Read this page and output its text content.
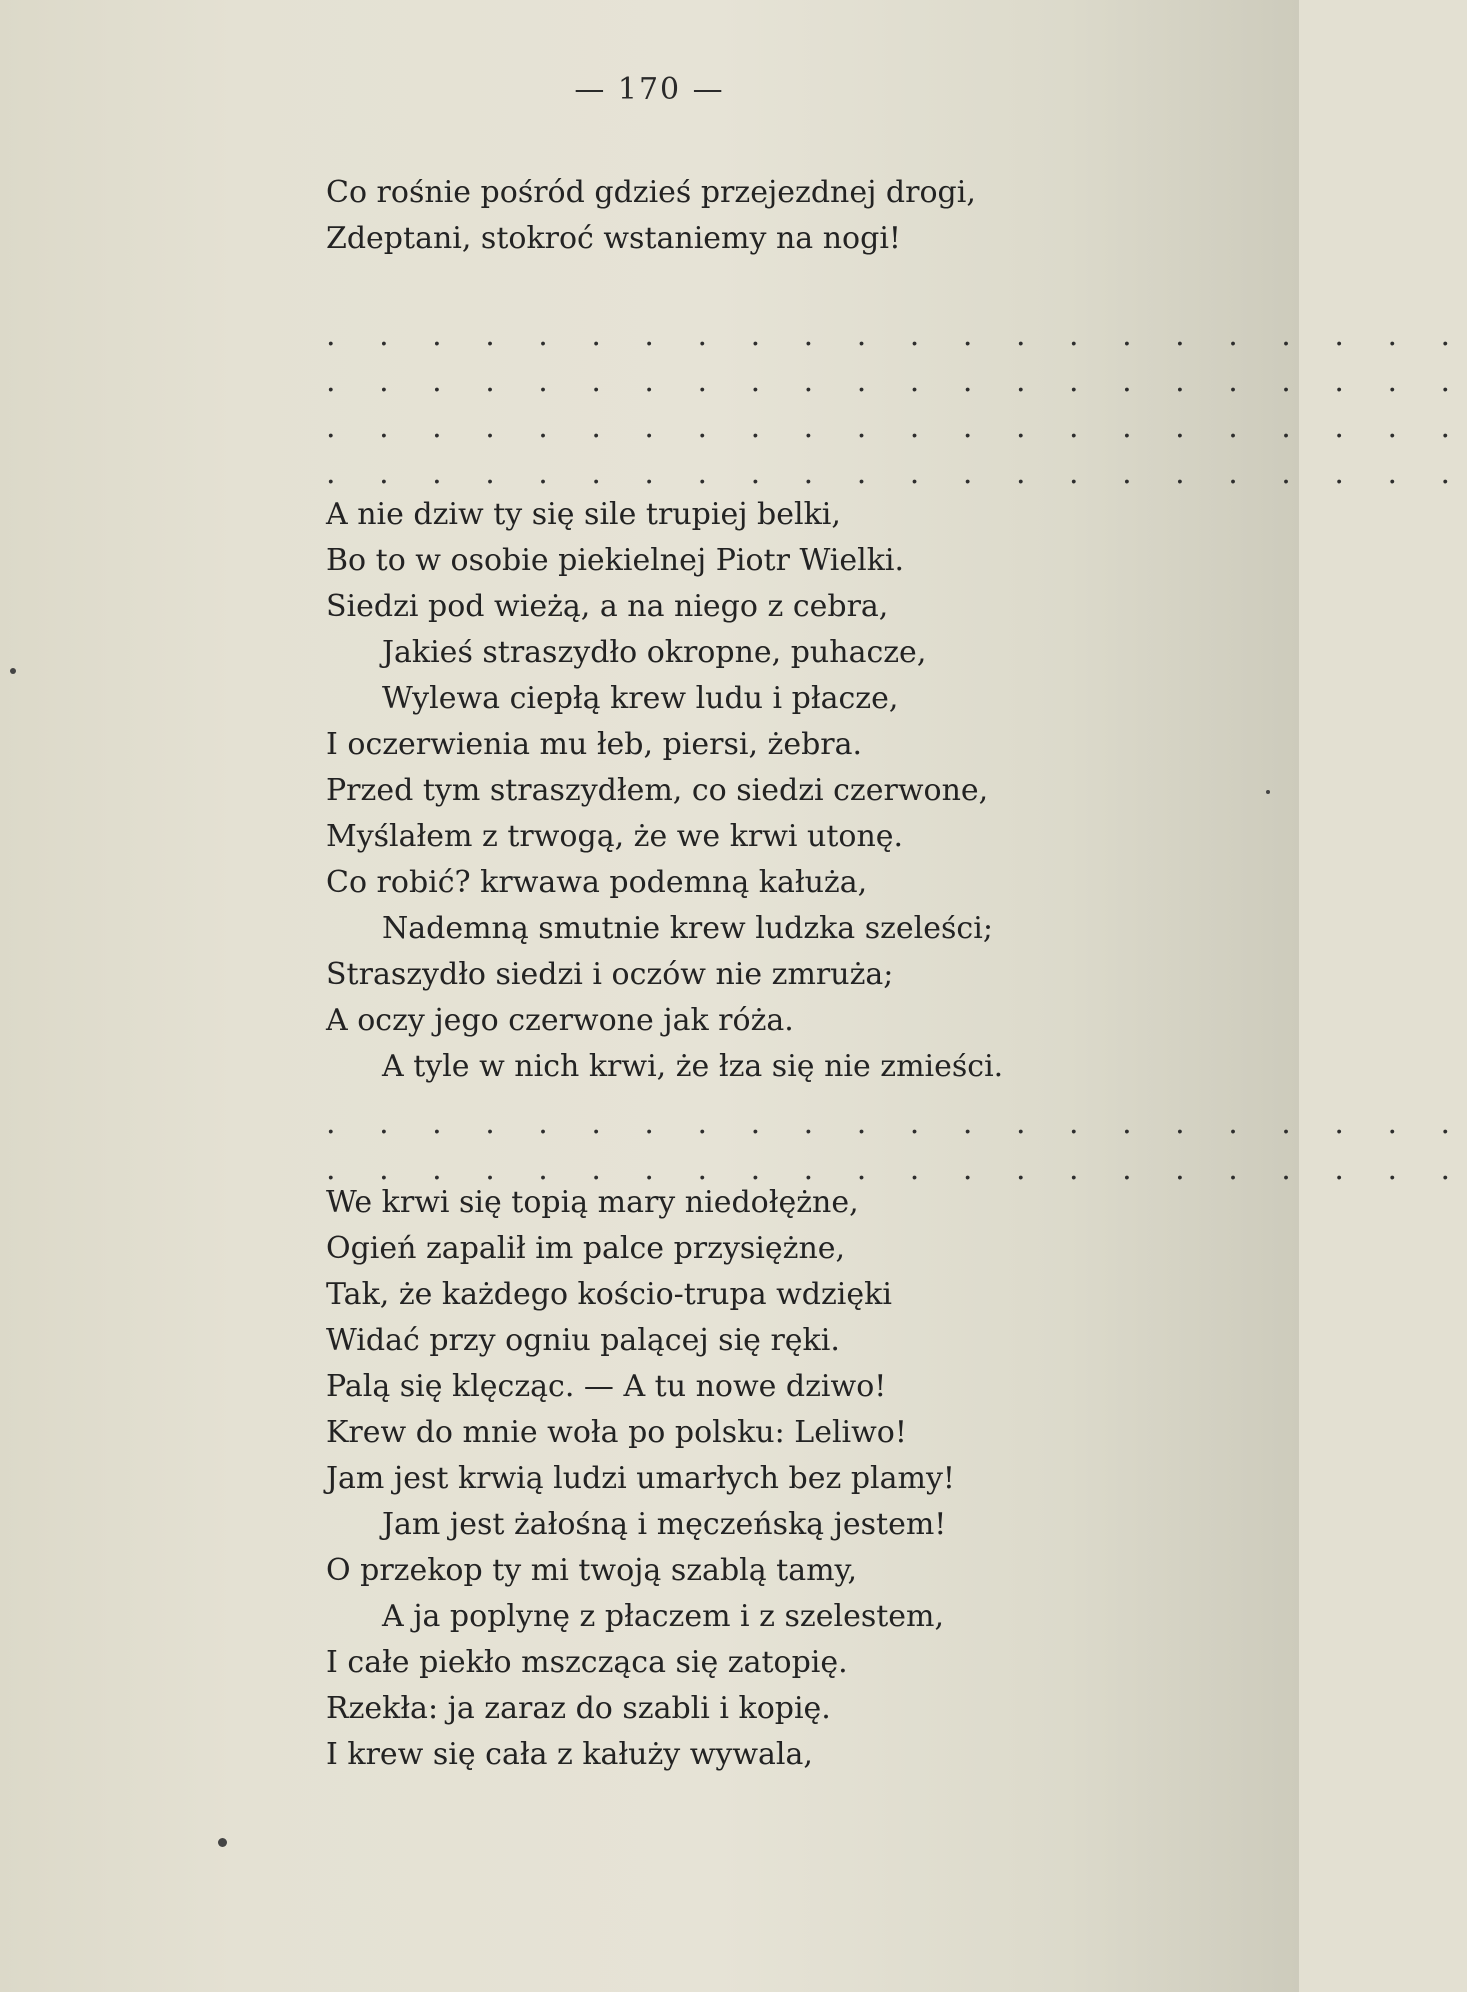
— 170 —
Co rośnie pośród gdzieś przejezdnej drogi,
Zdeptani, stokroć wstaniemy na nogi!
. . . . . . . . . . . . . . . . . . . . . .
. . . . . . . . . . . . . . . . . . . . . .
. . . . . . . . . . . . . . . . . . . . . .
. . . . . . . . . . . . . . . . . . . . . .
A nie dziw ty się sile trupiej belki,
Bo to w osobie piekielnej Piotr Wielki.
Siedzi pod wieżą, a na niego z cebra,
Jakieś straszydło okropne, puhacze,
Wylewa ciepłą krew ludu i płacze,
I oczerwienia mu łeb, piersi, żebra.
Przed tym straszydłem, co siedzi czerwone,
Myślałem z trwogą, że we krwi utonę.
Co robić? krwawa podemną kałuża,
Nademną smutnie krew ludzka szeleści;
Straszydło siedzi i oczów nie zmruża;
A oczy jego czerwone jak róża.
A tyle w nich krwi, że łza się nie zmieści.
. . . . . . . . . . . . . . . . . . . . . .
. . . . . . . . . . . . . . . . . . . . . .
We krwi się topią mary niedołężne,
Ogień zapalił im palce przysiężne,
Tak, że każdego kościo-trupa wdzięki
Widać przy ogniu palącej się ręki.
Palą się klęcząc. — A tu nowe dziwo!
Krew do mnie woła po polsku: Leliwo!
Jam jest krwią ludzi umarłych bez plamy!
Jam jest żałośną i męczeńską jestem!
O przekop ty mi twoją szablą tamy,
A ja poplynę z płaczem i z szelestem,
I całe piekło mszcząca się zatopię.
Rzekła: ja zaraz do szabli i kopię.
I krew się cała z kałuży wywala,
